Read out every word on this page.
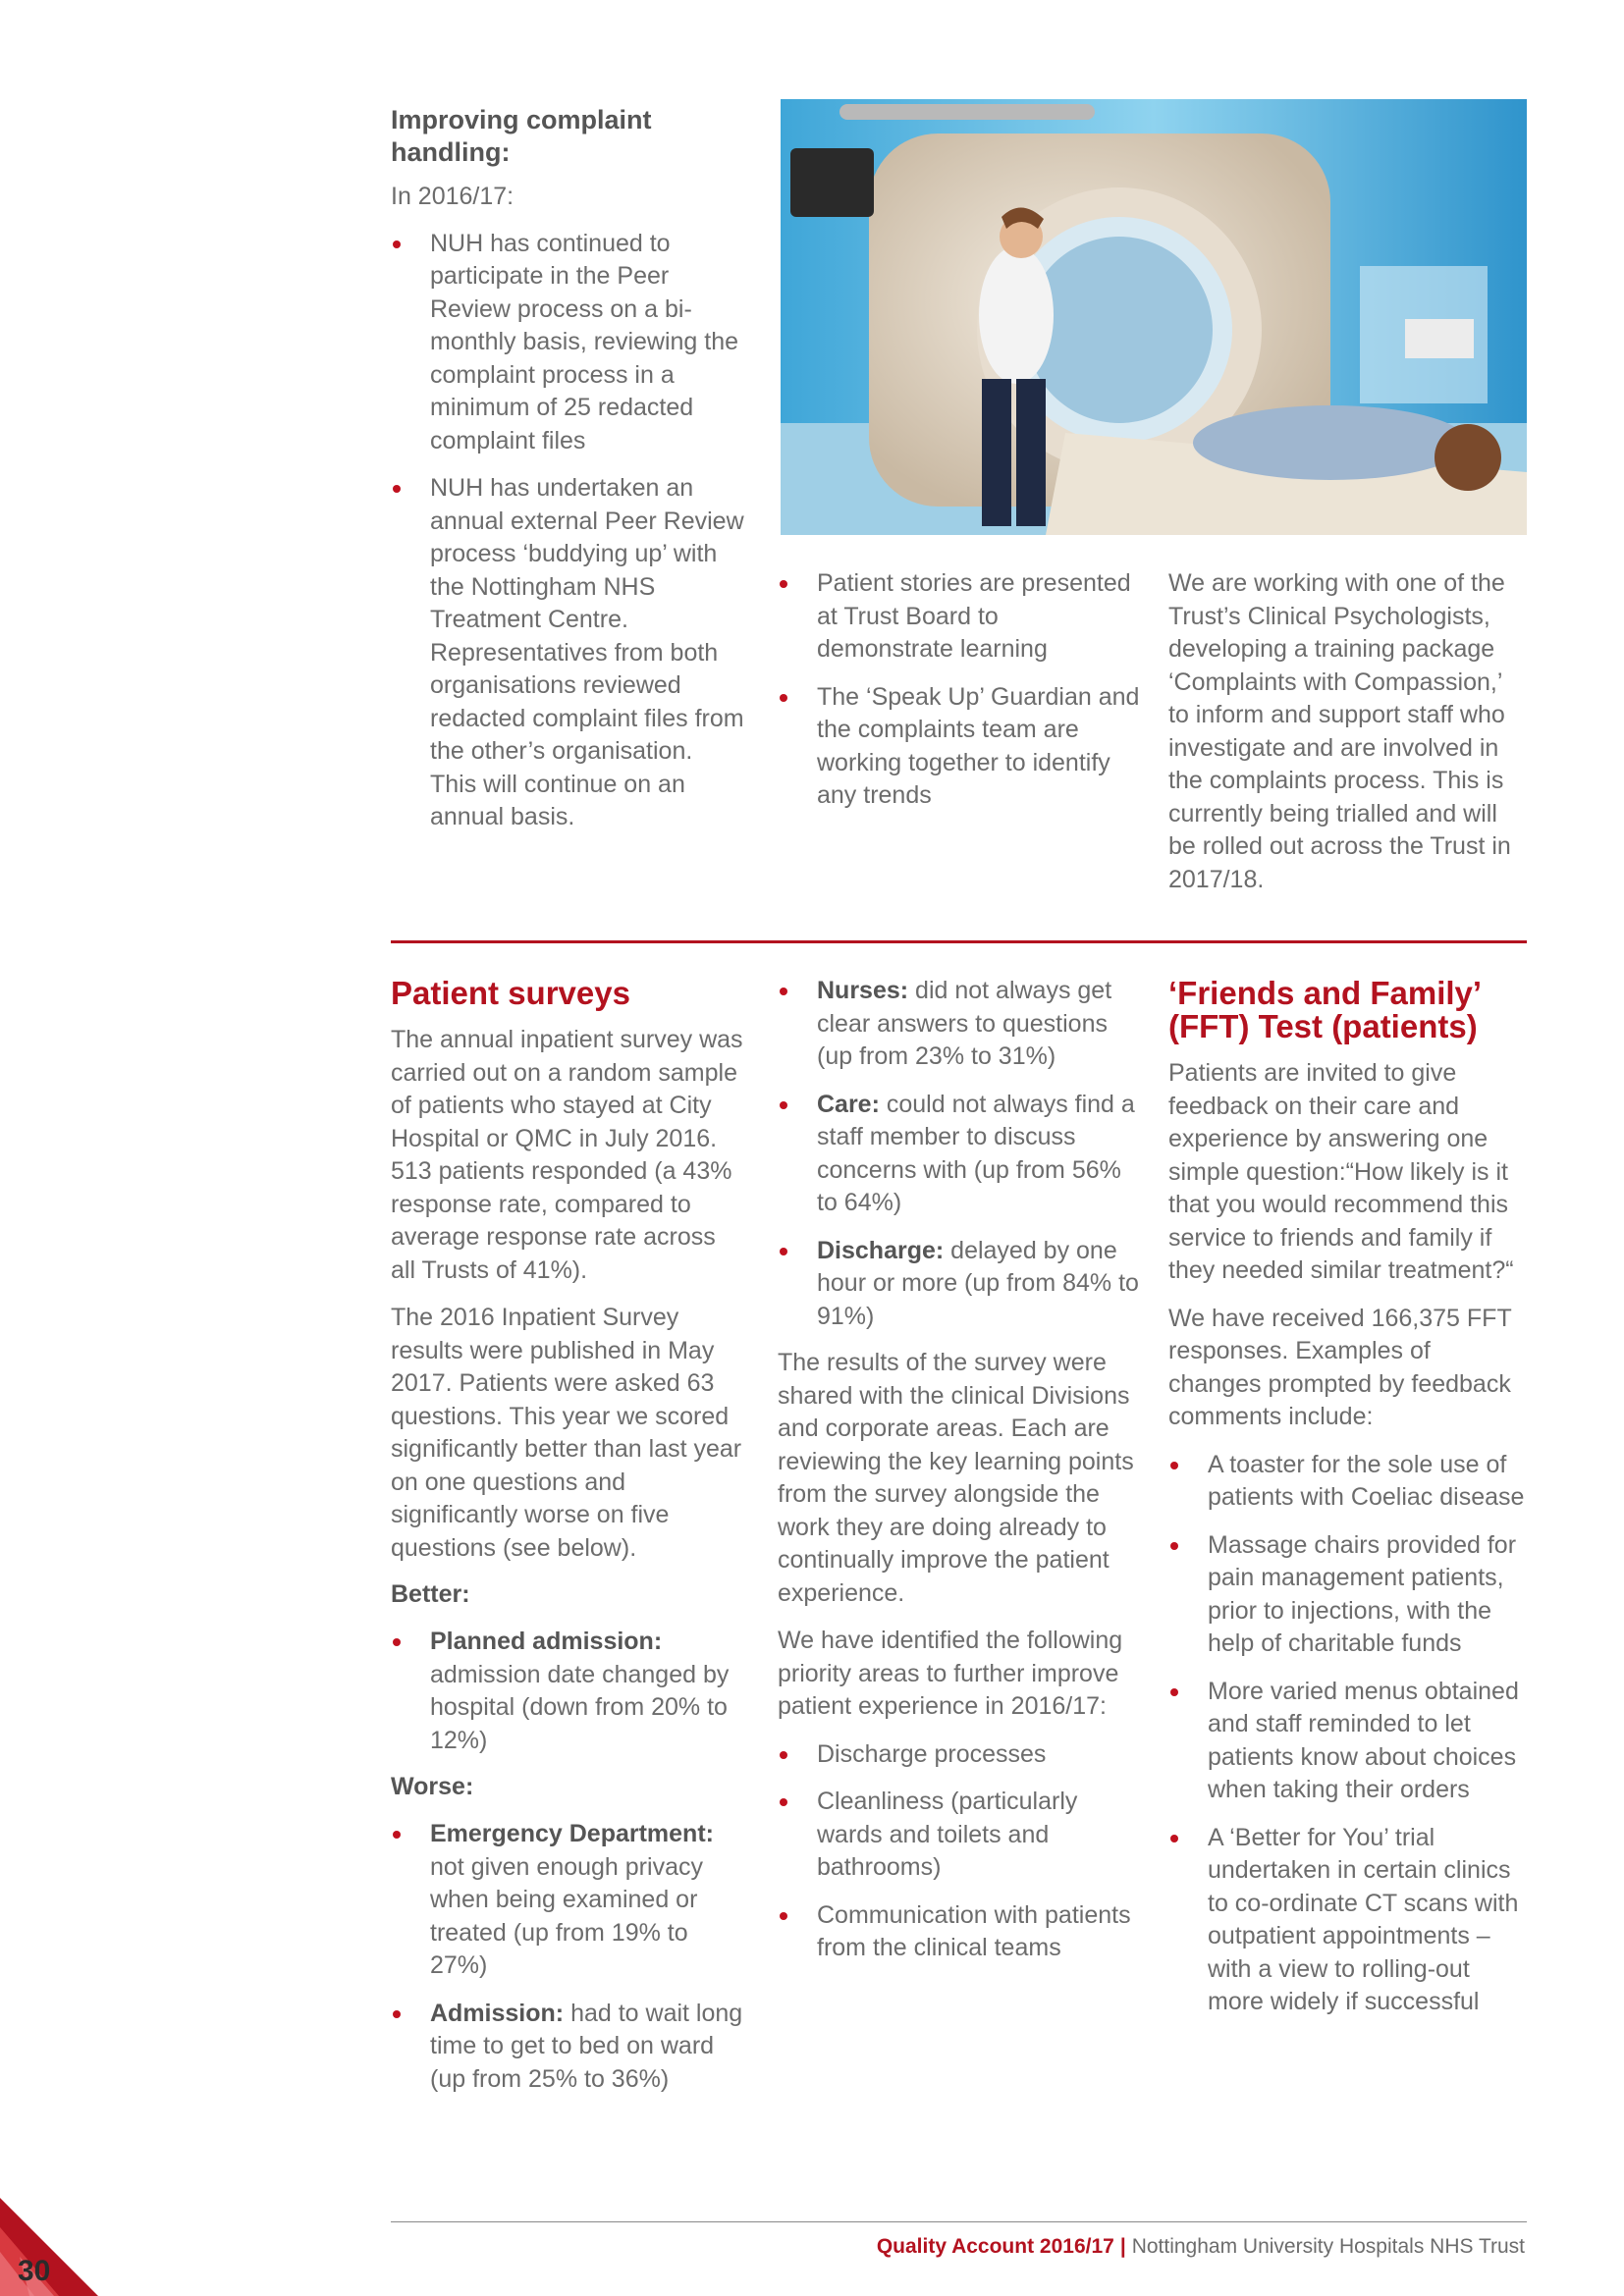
Improving complaint handling:

In 2016/17:

NUH has continued to participate in the Peer Review process on a bi-monthly basis, reviewing the complaint process in a minimum of 25 redacted complaint files
NUH has undertaken an annual external Peer Review process ‘buddying up’ with the Nottingham NHS Treatment Centre. Representatives from both organisations reviewed redacted complaint files from the other’s organisation. This will continue on an annual basis.
Patient stories are presented at Trust Board to demonstrate learning
The ‘Speak Up’ Guardian and the complaints team are working together to identify any trends

We are working with one of the Trust’s Clinical Psychologists, developing a training package ‘Complaints with Compassion,’ to inform and support staff who investigate and are involved in the complaints process. This is currently being trialled and will be rolled out across the Trust in 2017/18.

Patient surveys

The annual inpatient survey was carried out on a random sample of patients who stayed at City Hospital or QMC in July 2016. 513 patients responded (a 43% response rate, compared to average response rate across all Trusts of 41%).

The 2016 Inpatient Survey results were published in May 2017. Patients were asked 63 questions. This year we scored significantly better than last year on one questions and significantly worse on five questions (see below).

Better:

Planned admission: admission date changed by hospital (down from 20% to 12%)

Worse:

Emergency Department: not given enough privacy when being examined or treated (up from 19% to 27%)
Admission: had to wait long time to get to bed on ward (up from 25% to 36%)
Nurses: did not always get clear answers to questions (up from 23% to 31%)
Care: could not always find a staff member to discuss concerns with (up from 56% to 64%)
Discharge: delayed by one hour or more (up from 84% to 91%)

The results of the survey were shared with the clinical Divisions and corporate areas. Each are reviewing the key learning points from the survey alongside the work they are doing already to continually improve the patient experience.

We have identified the following priority areas to further improve patient experience in 2016/17:

Discharge processes
Cleanliness (particularly wards and toilets and bathrooms)
Communication with patients from the clinical teams
‘Friends and Family’ (FFT) Test (patients)

Patients are invited to give feedback on their care and experience by answering one simple question:“How likely is it that you would recommend this service to friends and family if they needed similar treatment?“

We have received 166,375 FFT responses. Examples of changes prompted by feedback comments include:

A toaster for the sole use of patients with Coeliac disease
Massage chairs provided for pain management patients, prior to injections, with the help of charitable funds
More varied menus obtained and staff reminded to let patients know about choices when taking their orders
A ‘Better for You’ trial undertaken in certain clinics to co-ordinate CT scans with outpatient appointments – with a view to rolling-out more widely if successful
Quality Account 2016/17 | Nottingham University Hospitals NHS Trust
30
